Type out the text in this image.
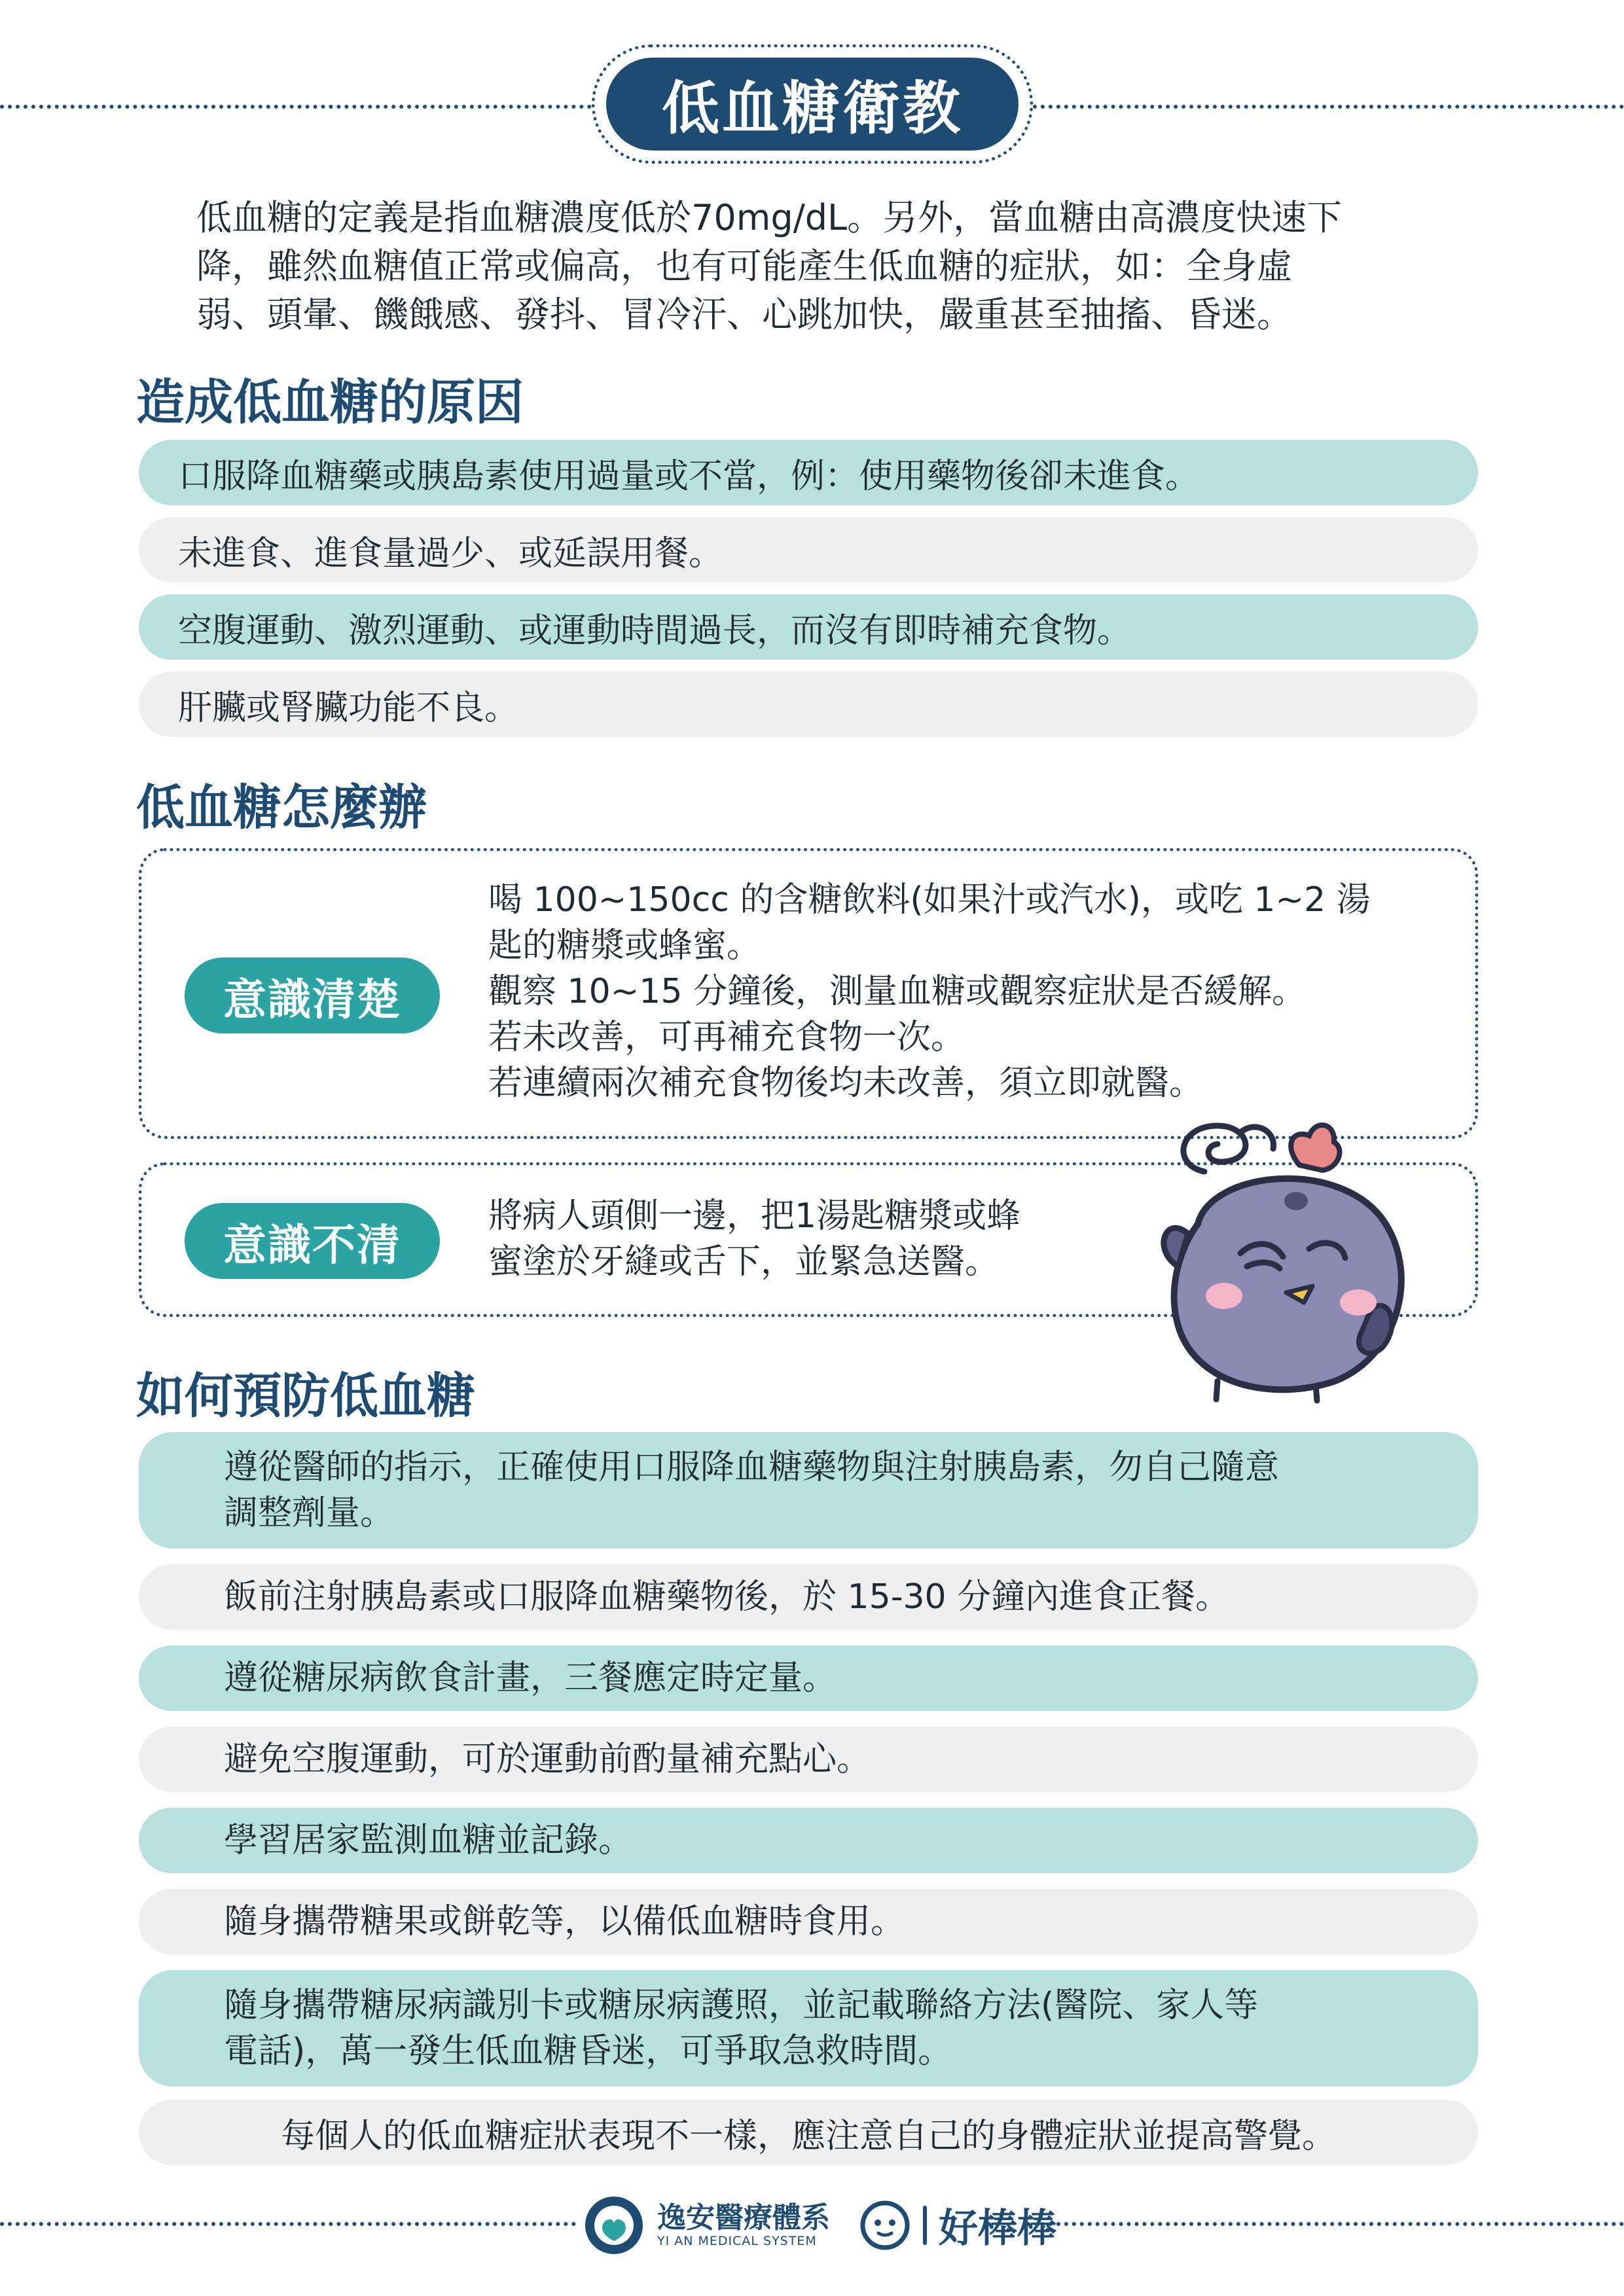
低血糖衛教
低血糖的定義是指血糖濃度低於70mg/dL。另外，當血糖由高濃度快速下
降，雖然血糖值正常或偏高，也有可能產生低血糖的症狀，如：全身虛
弱、頭暈、饑餓感、發抖、冒冷汗、心跳加快，嚴重甚至抽搐、昏迷。
造成低血糖的原因
口服降血糖藥或胰島素使用過量或不當，例：使用藥物後卻未進食。
未進食、進食量過少、或延誤用餐。
空腹運動、激烈運動、或運動時間過長，而沒有即時補充食物。
肝臟或腎臟功能不良。
低血糖怎麼辦
意識清楚
喝 100~150cc 的含糖飲料(如果汁或汽水)，或吃 1~2 湯
匙的糖漿或蜂蜜。
觀察 10~15 分鐘後，測量血糖或觀察症狀是否緩解。
若未改善，可再補充食物一次。
若連續兩次補充食物後均未改善，須立即就醫。
意識不清
將病人頭側一邊，把1湯匙糖漿或蜂
蜜塗於牙縫或舌下，並緊急送醫。
如何預防低血糖
遵從醫師的指示，正確使用口服降血糖藥物與注射胰島素，勿自己隨意
調整劑量。
飯前注射胰島素或口服降血糖藥物後，於 15-30 分鐘內進食正餐。
遵從糖尿病飲食計畫，三餐應定時定量。
避免空腹運動，可於運動前酌量補充點心。
學習居家監測血糖並記錄。
隨身攜帶糖果或餅乾等，以備低血糖時食用。
隨身攜帶糖尿病識別卡或糖尿病護照，並記載聯絡方法(醫院、家人等
電話)，萬一發生低血糖昏迷，可爭取急救時間。
每個人的低血糖症狀表現不一樣，應注意自己的身體症狀並提高警覺。
逸安醫療體系
YI AN MEDICAL SYSTEM	好棒棒
